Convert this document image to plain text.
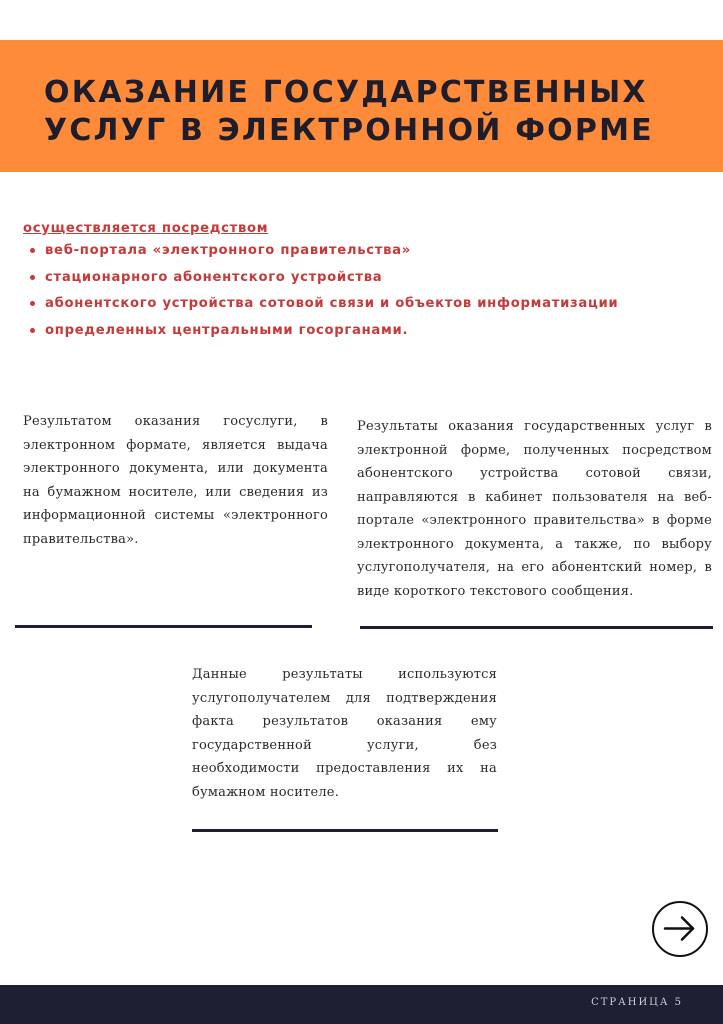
ОКАЗАНИЕ ГОСУДАРСТВЕННЫХ
УСЛУГ В ЭЛЕКТРОННОЙ ФОРМЕ
осуществляется посредством
веб-портала «электронного правительства»
стационарного абонентского устройства
абонентского устройства сотовой связи и объектов информатизации
определенных центральными госорганами.

Результатом оказания госуслуги, в электронном формате, является выдача электронного документа, или документа на бумажном носителе, или сведения из информационной системы «электронного правительства».

Результаты оказания государственных услуг в электронной форме, полученных посредством абонентского устройства сотовой связи, направляются в кабинет пользователя на веб-портале «электронного правительства» в форме электронного документа, а также, по выбору услугополучателя, на его абонентский номер, в виде короткого текстового сообщения.

Данные результаты используются услугополучателем для подтверждения факта результатов оказания ему государственной услуги, без необходимости предоставления их на бумажном носителе.

СТРАНИЦА 5
